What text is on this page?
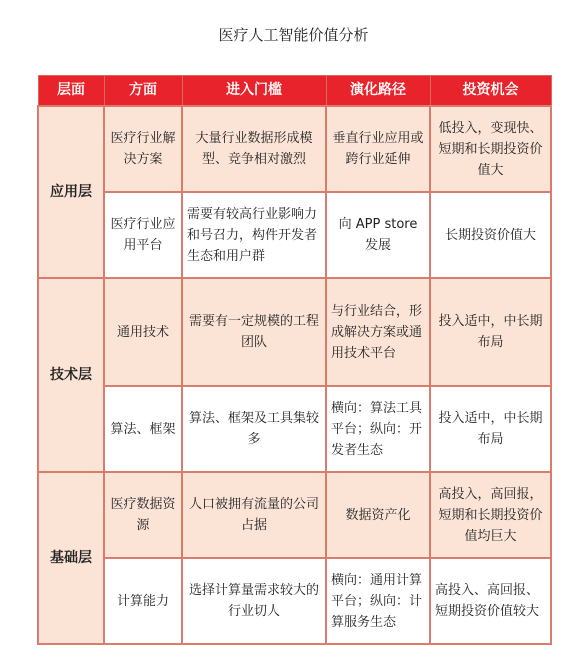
医疗人工智能价值分析
层面	方面	进入门槛	演化路径	投资机会
应用层	医疗行业解决方案	大量行业数据形成模型、竞争相对激烈	垂直行业应用或跨行业延伸	低投入，变现快、短期和长期投资价值大
	医疗行业应用平台	需要有较高行业影响力和号召力，构件开发者生态和用户群	向 APP store 发展	长期投资价值大
技术层	通用技术	需要有一定规模的工程团队	与行业结合，形成解决方案或通用技术平台	投入适中，中长期布局
	算法、框架	算法、框架及工具集较多	横向：算法工具平台；纵向：开发者生态	投入适中，中长期布局
基础层	医疗数据资源	人口被拥有流量的公司占据	数据资产化	高投入，高回报，短期和长期投资价值均巨大
	计算能力	选择计算量需求较大的行业切人	横向：通用计算平台；纵向：计算服务生态	高投入、高回报、短期投资价值较大
